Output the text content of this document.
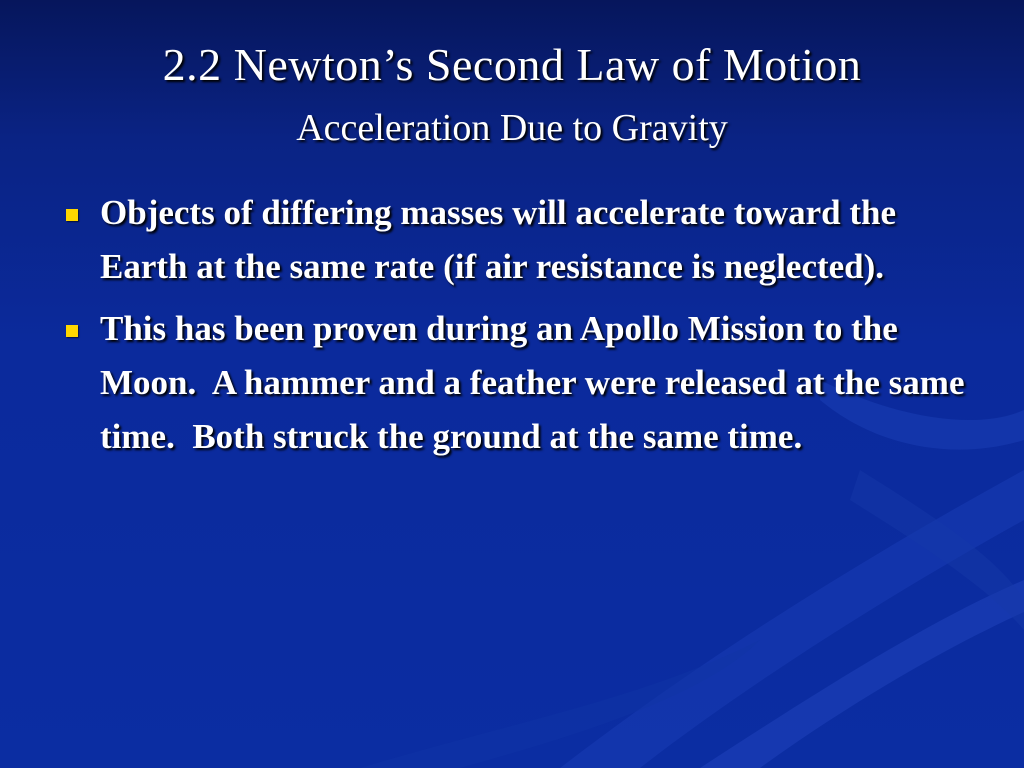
2.2 Newton’s Second Law of Motion
Acceleration Due to Gravity
Objects of differing masses will accelerate toward the Earth at the same rate (if air resistance is neglected).
This has been proven during an Apollo Mission to the Moon.  A hammer and a feather were released at the same time.  Both struck the ground at the same time.
